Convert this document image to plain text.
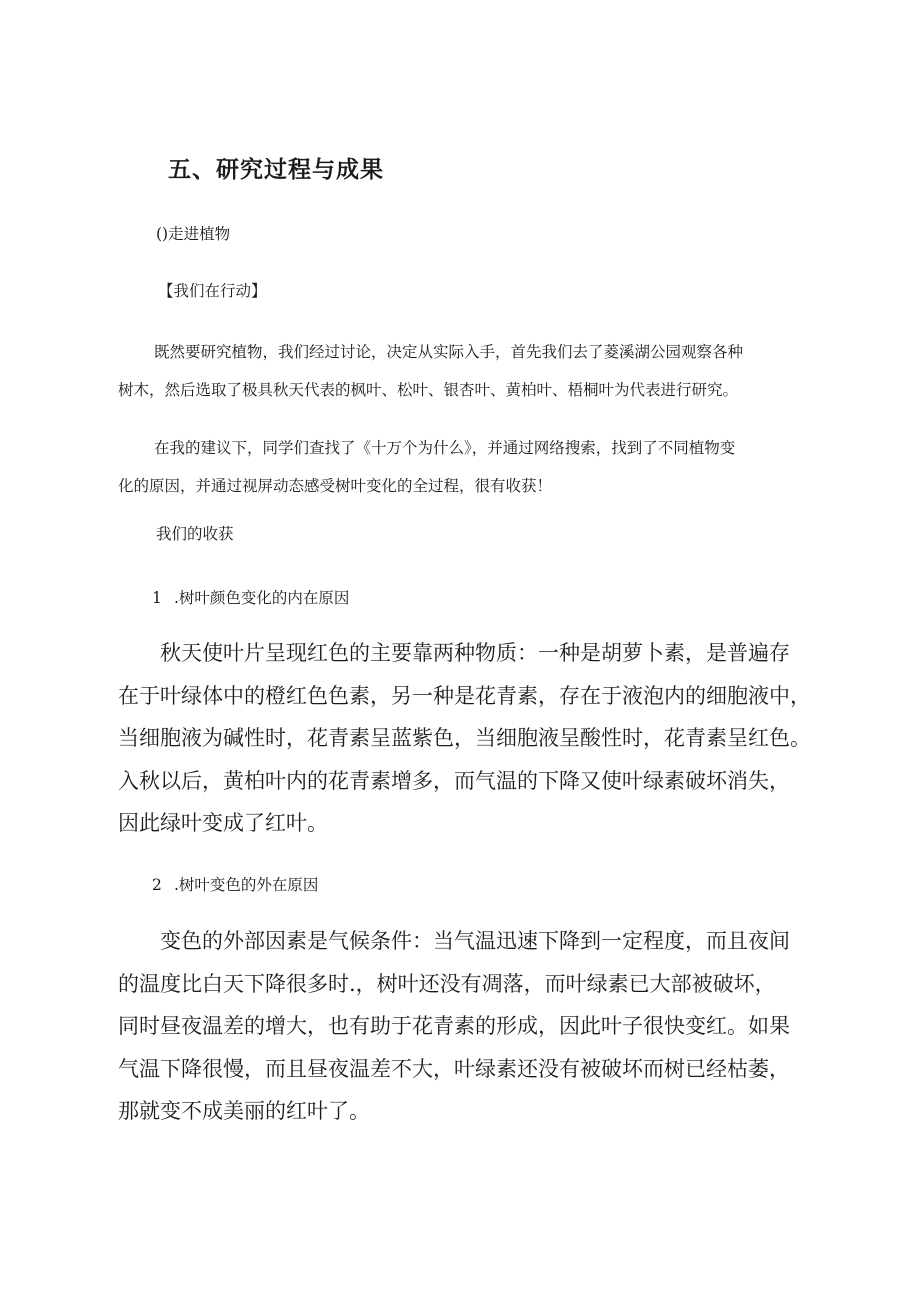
五、研究过程与成果
()走进植物
【我们在行动】
既然要研究植物，我们经过讨论，决定从实际入手，首先我们去了菱溪湖公园观察各种
树木，然后选取了极具秋天代表的枫叶、松叶、银杏叶、黄柏叶、梧桐叶为代表进行研究。
在我的建议下，同学们查找了《十万个为什么》，并通过网络搜索，找到了不同植物变
化的原因，并通过视屏动态感受树叶变化的全过程，很有收获！
我们的收获
1 .树叶颜色变化的内在原因
秋天使叶片呈现红色的主要靠两种物质：一种是胡萝卜素，是普遍存
在于叶绿体中的橙红色色素，另一种是花青素，存在于液泡内的细胞液中，
当细胞液为碱性时，花青素呈蓝紫色，当细胞液呈酸性时，花青素呈红色。
入秋以后，黄柏叶内的花青素增多，而气温的下降又使叶绿素破坏消失，
因此绿叶变成了红叶。
2 .树叶变色的外在原因
变色的外部因素是气候条件：当气温迅速下降到一定程度，而且夜间
的温度比白天下降很多时.，树叶还没有凋落，而叶绿素已大部被破坏，
同时昼夜温差的增大，也有助于花青素的形成，因此叶子很快变红。如果
气温下降很慢，而且昼夜温差不大，叶绿素还没有被破坏而树已经枯萎，
那就变不成美丽的红叶了。
